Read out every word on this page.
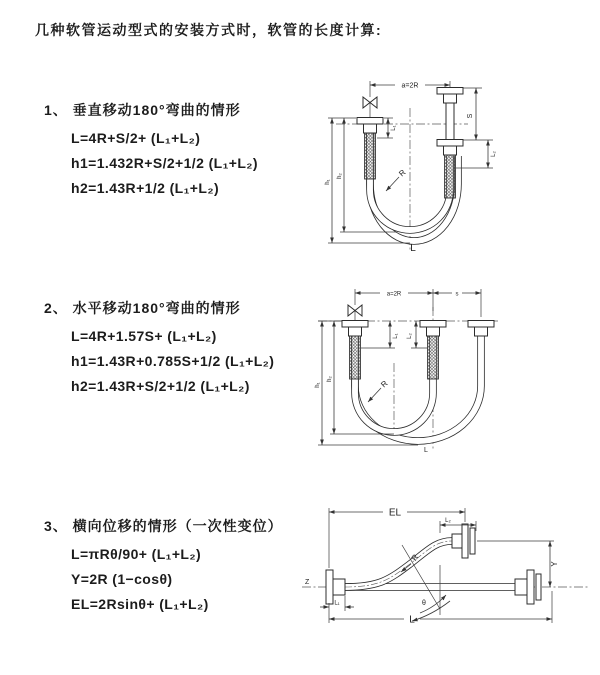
几种软管运动型式的安装方式时，软管的长度计算:
1、 垂直移动180°弯曲的情形
L=4R+S/2+ (L₁+L₂)
h1=1.432R+S/2+1/2 (L₁+L₂)
h2=1.43R+1/2 (L₁+L₂)
2、 水平移动180°弯曲的情形
L=4R+1.57S+ (L₁+L₂)
h1=1.43R+0.785S+1/2 (L₁+L₂)
h2=1.43R+S/2+1/2 (L₁+L₂)
3、 横向位移的情形（一次性变位）
L=πRθ/90+ (L₁+L₂)
Y=2R (1−cosθ)
EL=2Rsinθ+ (L₁+L₂)
a=2R
h₁
h₂
L₁
S
L₂
R
L
a=2R	s
h₁
h₂
L₁ L₂
R
L
EL
L₂
Y
L
L₁
Z
R
θ
